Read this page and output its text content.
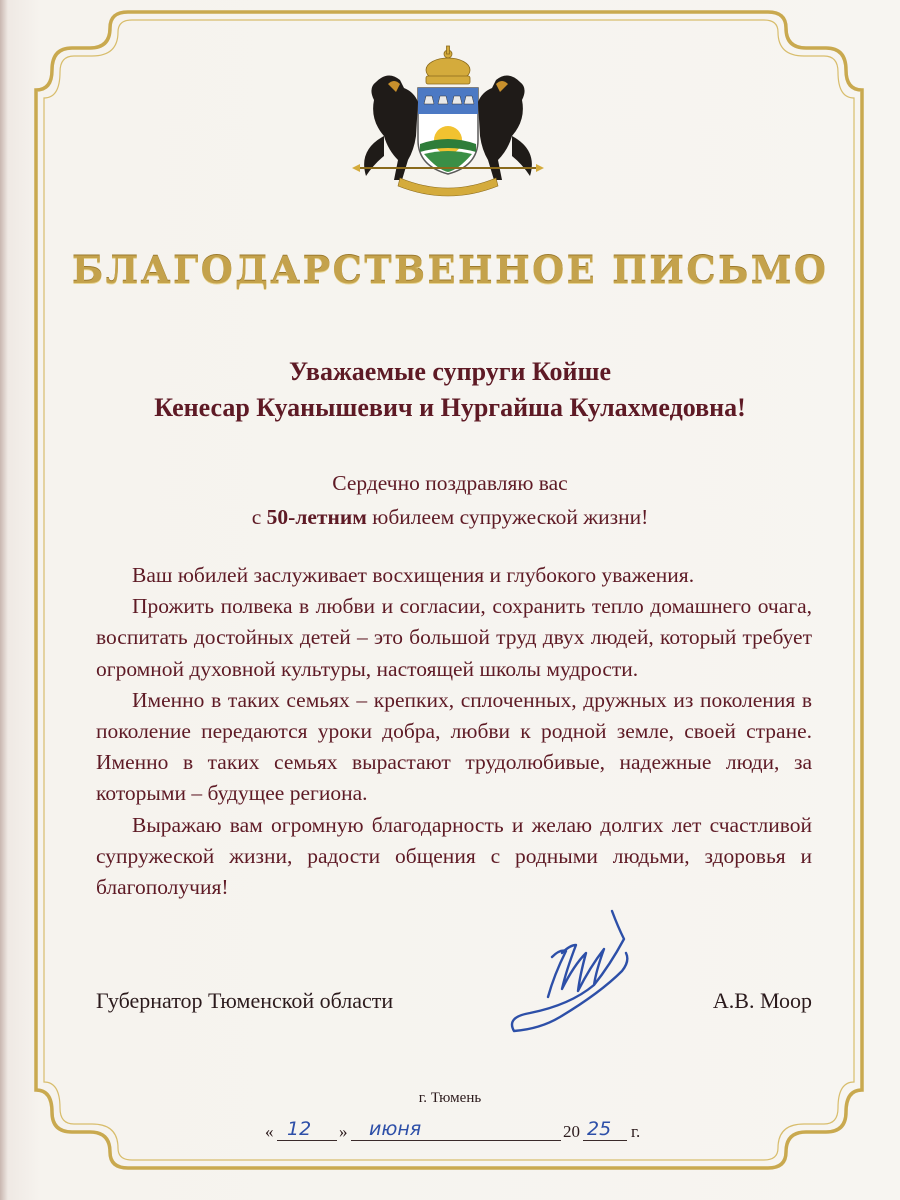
БЛАГОДАРСТВЕННОЕ ПИСЬМО
Уважаемые супруги Койше
Кенесар Куанышевич и Нургайша Кулахмедовна!
Сердечно поздравляю вас
с 50-летним юбилеем супружеской жизни!

Ваш юбилей заслуживает восхищения и глубокого уважения.

Прожить полвека в любви и согласии, сохранить тепло домашнего очага, воспитать достойных детей – это большой труд двух людей, который требует огромной духовной культуры, настоящей школы мудрости.

Именно в таких семьях – крепких, сплоченных, дружных из поколения в поколение передаются уроки добра, любви к родной земле, своей стране. Именно в таких семьях вырастают трудолюбивые, надежные люди, за которыми – будущее региона.

Выражаю вам огромную благодарность и желаю долгих лет счастливой супружеской жизни, радости общения с родными людьми, здоровья и благополучия!

Губернатор Тюменской области	А.В. Моор
г. Тюмень
« 12 » июня	20 25 г.
